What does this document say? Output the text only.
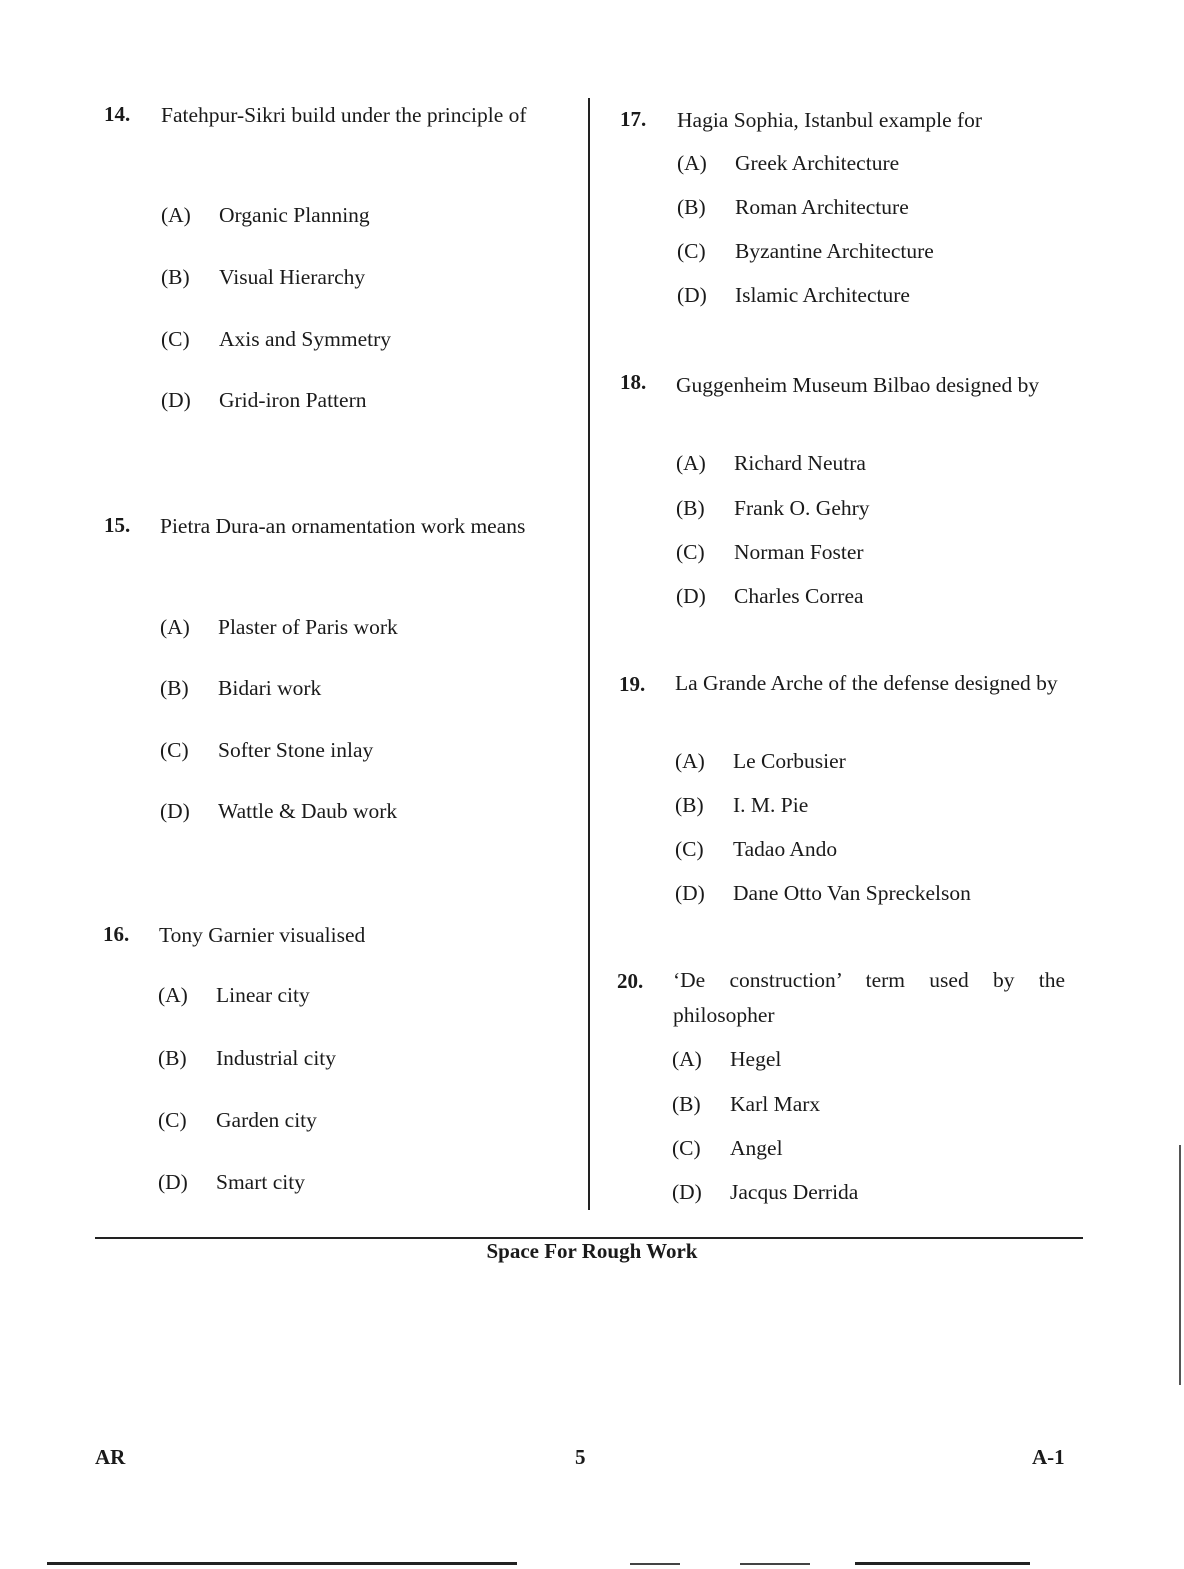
14. Fatehpur-Sikri build under the principle of
(A) Organic Planning
(B) Visual Hierarchy
(C) Axis and Symmetry
(D) Grid-iron Pattern
15. Pietra Dura-an ornamentation work means
(A) Plaster of Paris work
(B) Bidari work
(C) Softer Stone inlay
(D) Wattle & Daub work
16. Tony Garnier visualised
(A) Linear city
(B) Industrial city
(C) Garden city
(D) Smart city
17. Hagia Sophia, Istanbul example for
(A) Greek Architecture
(B) Roman Architecture
(C) Byzantine Architecture
(D) Islamic Architecture
18. Guggenheim Museum Bilbao designed by
(A) Richard Neutra
(B) Frank O. Gehry
(C) Norman Foster
(D) Charles Correa
19. La Grande Arche of the defense designed by
(A) Le Corbusier
(B) I. M. Pie
(C) Tadao Ando
(D) Dane Otto Van Spreckelson
20. ‘De construction’ term used by the philosopher
(A) Hegel
(B) Karl Marx
(C) Angel
(D) Jacqus Derrida
Space For Rough Work
AR	5	A-1
